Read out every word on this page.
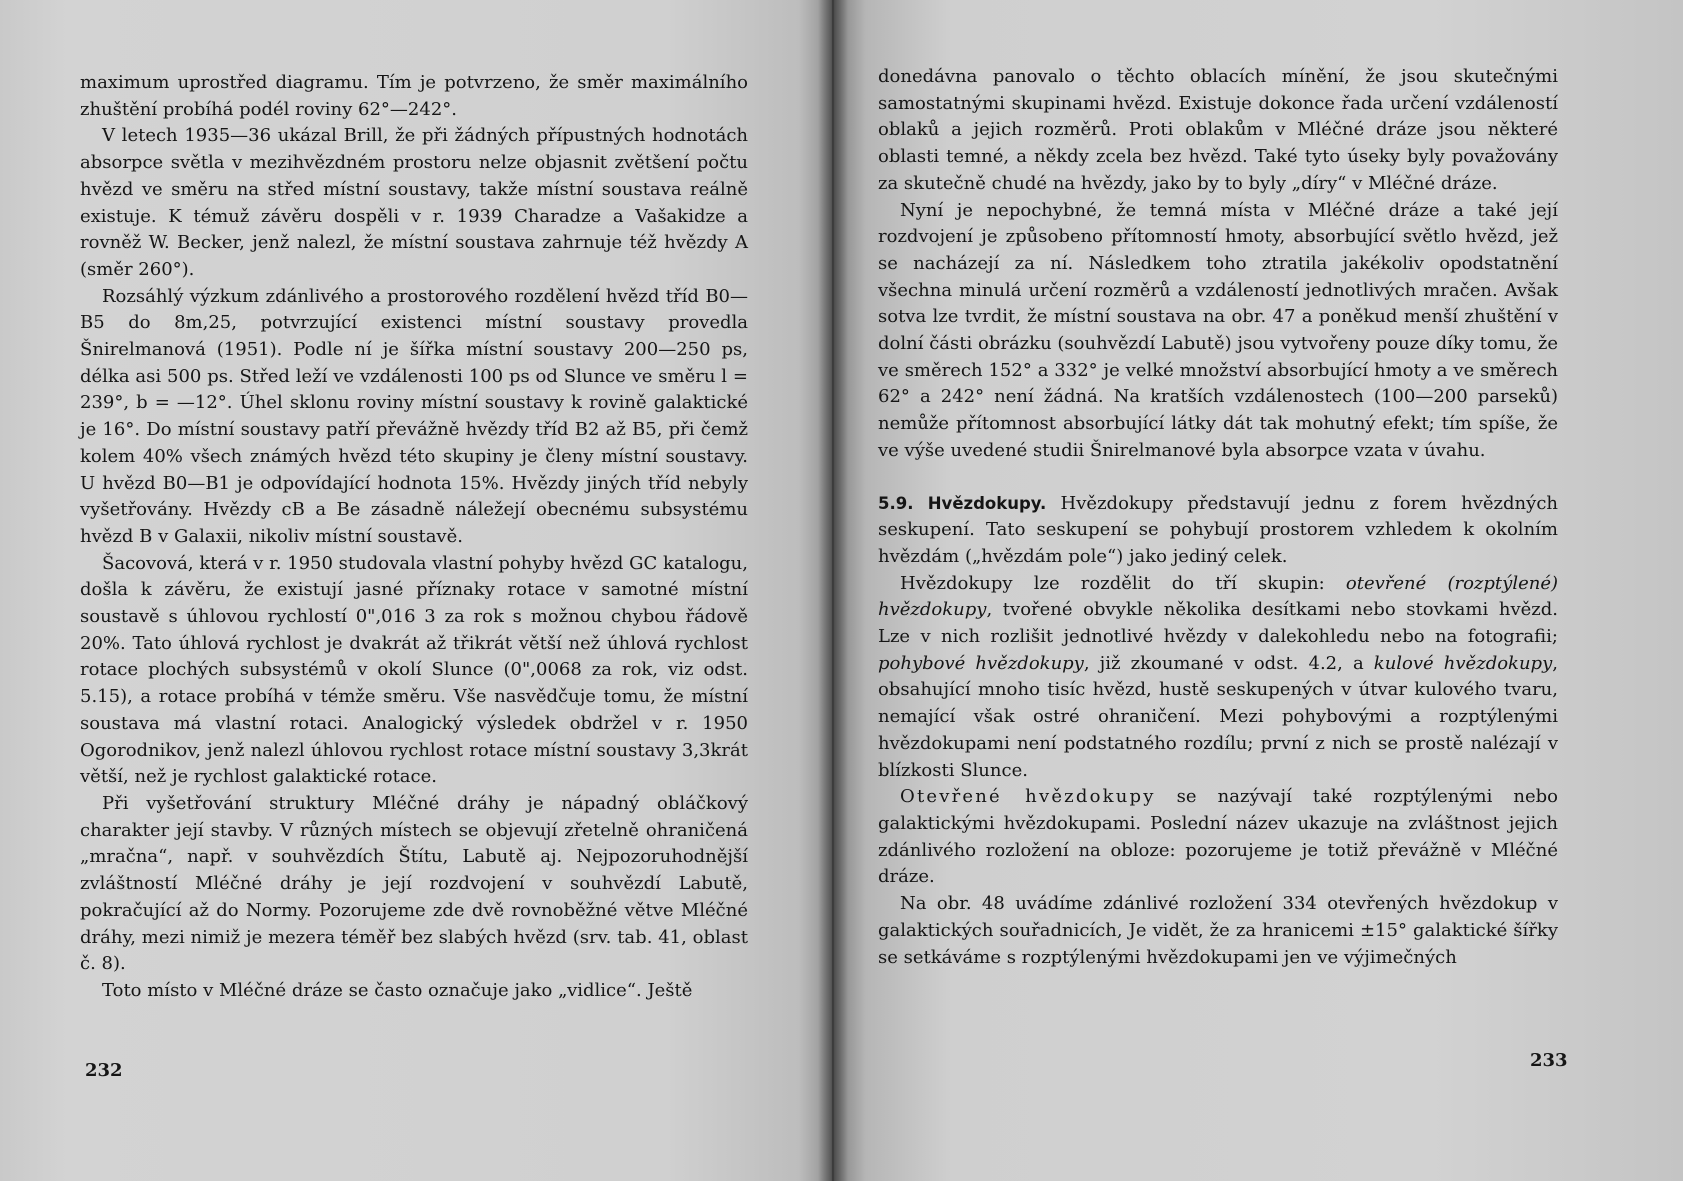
maximum uprostřed diagramu. Tím je potvrzeno, že směr maximálního zhuštění probíhá podél roviny 62°—242°.

V letech 1935—36 ukázal Brill, že při žádných přípustných hodnotách absorpce světla v mezihvězdném prostoru nelze objasnit zvětšení počtu hvězd ve směru na střed místní soustavy, takže místní soustava reálně existuje. K témuž závěru dospěli v r. 1939 Charadze a Vašakidze a rovněž W. Becker, jenž nalezl, že místní soustava zahrnuje též hvězdy A (směr 260°).

Rozsáhlý výzkum zdánlivého a prostorového rozdělení hvězd tříd B0—B5 do 8m,25, potvrzující existenci místní soustavy provedla Šnirelmanová (1951). Podle ní je šířka místní soustavy 200—250 ps, délka asi 500 ps. Střed leží ve vzdálenosti 100 ps od Slunce ve směru l = 239°, b = —12°. Úhel sklonu roviny místní soustavy k rovině galaktické je 16°. Do místní soustavy patří převážně hvězdy tříd B2 až B5, při čemž kolem 40% všech známých hvězd této skupiny je členy místní soustavy. U hvězd B0—B1 je odpovídající hodnota 15%. Hvězdy jiných tříd nebyly vyšetřovány. Hvězdy cB a Be zásadně náležejí obecnému subsystému hvězd B v Galaxii, nikoliv místní soustavě.

Šacovová, která v r. 1950 studovala vlastní pohyby hvězd GC katalogu, došla k závěru, že existují jasné příznaky rotace v samotné místní soustavě s úhlovou rychlostí 0",016 3 za rok s možnou chybou řádově 20%. Tato úhlová rychlost je dvakrát až třikrát větší než úhlová rychlost rotace plochých subsystémů v okolí Slunce (0",0068 za rok, viz odst. 5.15), a rotace probíhá v témže směru. Vše nasvědčuje tomu, že místní soustava má vlastní rotaci. Analogický výsledek obdržel v r. 1950 Ogorodnikov, jenž nalezl úhlovou rychlost rotace místní soustavy 3,3krát větší, než je rychlost galaktické rotace.

Při vyšetřování struktury Mléčné dráhy je nápadný obláčkový charakter její stavby. V různých místech se objevují zřetelně ohraničená „mračna“, např. v souhvězdích Štítu, Labutě aj. Nejpozoruhodnější zvláštností Mléčné dráhy je její rozdvojení v souhvězdí Labutě, pokračující až do Normy. Pozorujeme zde dvě rovnoběžné větve Mléčné dráhy, mezi nimiž je mezera téměř bez slabých hvězd (srv. tab. 41, oblast č. 8).

Toto místo v Mléčné dráze se často označuje jako „vidlice“. Ještě

232

donedávna panovalo o těchto oblacích mínění, že jsou skutečnými samostatnými skupinami hvězd. Existuje dokonce řada určení vzdáleností oblaků a jejich rozměrů. Proti oblakům v Mléčné dráze jsou některé oblasti temné, a někdy zcela bez hvězd. Také tyto úseky byly považovány za skutečně chudé na hvězdy, jako by to byly „díry“ v Mléčné dráze.

Nyní je nepochybné, že temná místa v Mléčné dráze a také její rozdvojení je způsobeno přítomností hmoty, absorbující světlo hvězd, jež se nacházejí za ní. Následkem toho ztratila jakékoliv opodstatnění všechna minulá určení rozměrů a vzdáleností jednotlivých mračen. Avšak sotva lze tvrdit, že místní soustava na obr. 47 a poněkud menší zhuštění v dolní části obrázku (souhvězdí Labutě) jsou vytvořeny pouze díky tomu, že ve směrech 152° a 332° je velké množství absorbující hmoty a ve směrech 62° a 242° není žádná. Na kratších vzdálenostech (100—200 parseků) nemůže přítomnost absorbující látky dát tak mohutný efekt; tím spíše, že ve výše uvedené studii Šnirelmanové byla absorpce vzata v úvahu.

5.9. Hvězdokupy. Hvězdokupy představují jednu z forem hvězdných seskupení. Tato seskupení se pohybují prostorem vzhledem k okolním hvězdám („hvězdám pole“) jako jediný celek.

Hvězdokupy lze rozdělit do tří skupin: otevřené (rozptýlené) hvězdokupy, tvořené obvykle několika desítkami nebo stovkami hvězd. Lze v nich rozlišit jednotlivé hvězdy v dalekohledu nebo na fotografii; pohybové hvězdokupy, již zkoumané v odst. 4.2, a kulové hvězdokupy, obsahující mnoho tisíc hvězd, hustě seskupených v útvar kulového tvaru, nemající však ostré ohraničení. Mezi pohybovými a rozptýlenými hvězdokupami není podstatného rozdílu; první z nich se prostě nalézají v blízkosti Slunce.

Otevřené hvězdokupy se nazývají také rozptýlenými nebo galaktickými hvězdokupami. Poslední název ukazuje na zvláštnost jejich zdánlivého rozložení na obloze: pozorujeme je totiž převážně v Mléčné dráze.

Na obr. 48 uvádíme zdánlivé rozložení 334 otevřených hvězdokup v galaktických souřadnicích, Je vidět, že za hranicemi ±15° galaktické šířky se setkáváme s rozptýlenými hvězdokupami jen ve výjimečných

233
